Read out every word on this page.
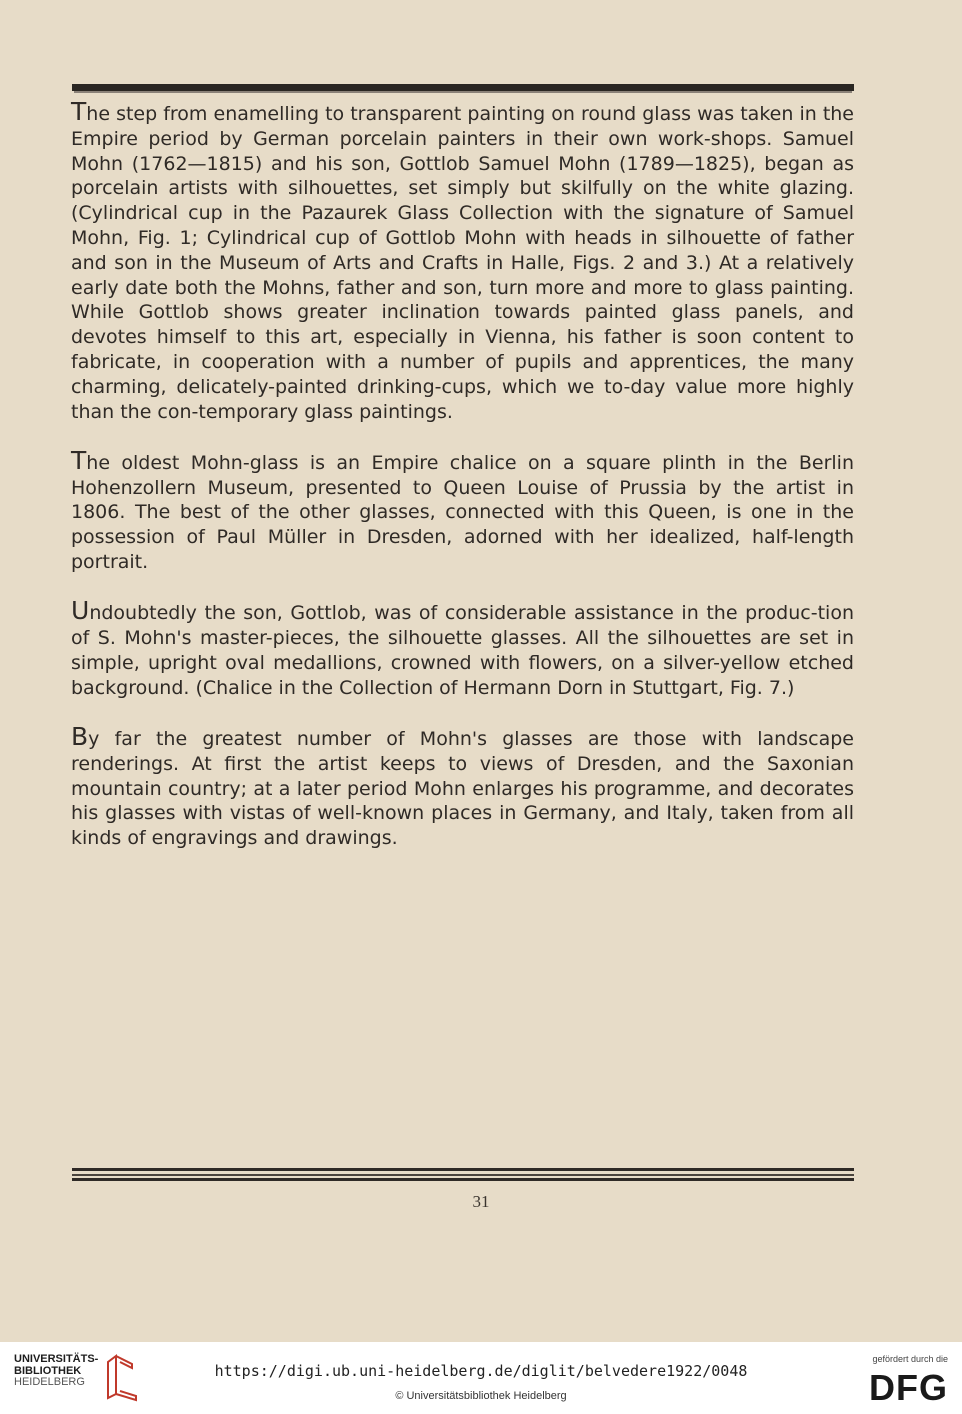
The step from enamelling to transparent painting on round glass was taken in the Empire period by German porcelain painters in their own work-shops. Samuel Mohn (1762—1815) and his son, Gottlob Samuel Mohn (1789—1825), began as porcelain artists with silhouettes, set simply but skilfully on the white glazing. (Cylindrical cup in the Pazaurek Glass Collection with the signature of Samuel Mohn, Fig. 1; Cylindrical cup of Gottlob Mohn with heads in silhouette of father and son in the Museum of Arts and Crafts in Halle, Figs. 2 and 3.) At a relatively early date both the Mohns, father and son, turn more and more to glass painting. While Gottlob shows greater inclination towards painted glass panels, and devotes himself to this art, especially in Vienna, his father is soon content to fabricate, in cooperation with a number of pupils and apprentices, the many charming, delicately-painted drinking-cups, which we to-day value more highly than the con-temporary glass paintings.

The oldest Mohn-glass is an Empire chalice on a square plinth in the Berlin Hohenzollern Museum, presented to Queen Louise of Prussia by the artist in 1806. The best of the other glasses, connected with this Queen, is one in the possession of Paul Müller in Dresden, adorned with her idealized, half-length portrait.

Undoubtedly the son, Gottlob, was of considerable assistance in the produc-tion of S. Mohn's master-pieces, the silhouette glasses. All the silhouettes are set in simple, upright oval medallions, crowned with flowers, on a silver-yellow etched background. (Chalice in the Collection of Hermann Dorn in Stuttgart, Fig. 7.)

By far the greatest number of Mohn's glasses are those with landscape renderings. At first the artist keeps to views of Dresden, and the Saxonian mountain country; at a later period Mohn enlarges his programme, and decorates his glasses with vistas of well-known places in Germany, and Italy, taken from all kinds of engravings and drawings.

31
UNIVERSITÄTS-
BIBLIOTHEK
HEIDELBERG
https://digi.ub.uni-heidelberg.de/diglit/belvedere1922/0048
© Universitätsbibliothek Heidelberg
gefördert durch die
DFG
